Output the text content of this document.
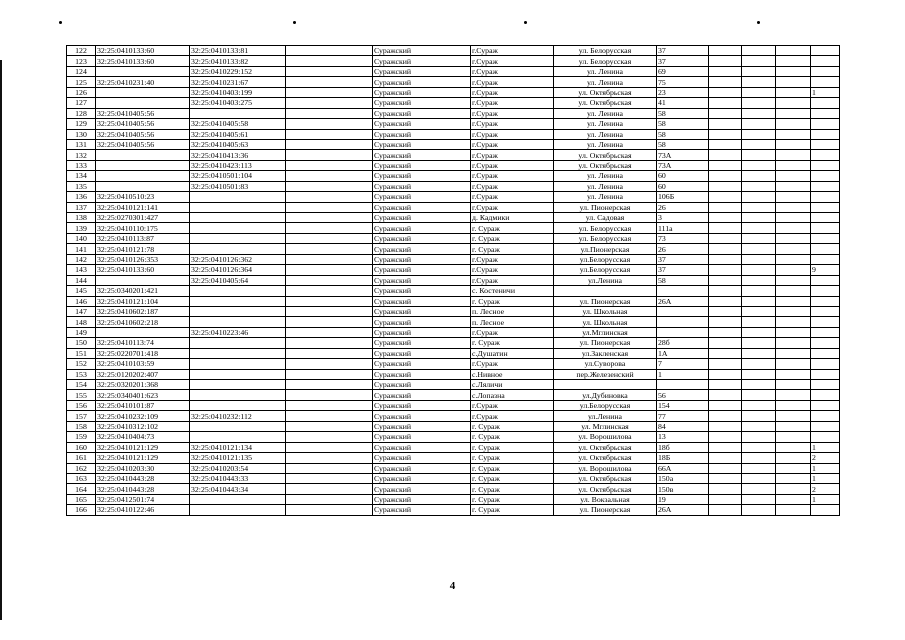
122	32:25:0410133:60	32:25:0410133:81		Суражский	г.Сураж	ул. Белорусская	37				
123	32:25:0410133:60	32:25:0410133:82		Суражский	г.Сураж	ул. Белорусская	37				
124		32:25:0410229:152		Суражский	г.Сураж	ул. Ленина	69				
125	32:25:0410231:40	32:25:0410231:67		Суражский	г.Сураж	ул. Ленина	75				
126		32:25:0410403:199		Суражский	г.Сураж	ул. Октябрьская	23				1
127		32:25:0410403:275		Суражский	г.Сураж	ул. Октябрьская	41				
128	32:25:0410405:56			Суражский	г.Сураж	ул. Ленина	58				
129	32:25:0410405:56	32:25:0410405:58		Суражский	г.Сураж	ул. Ленина	58				
130	32:25:0410405:56	32:25:0410405:61		Суражский	г.Сураж	ул. Ленина	58				
131	32:25:0410405:56	32:25:0410405:63		Суражский	г.Сураж	ул. Ленина	58				
132		32:25:0410413:36		Суражский	г.Сураж	ул. Октябрьская	73А				
133		32:25:0410423:113		Суражский	г.Сураж	ул. Октябрьская	73А				
134		32:25:0410501:104		Суражский	г.Сураж	ул. Ленина	60				
135		32:25:0410501:83		Суражский	г.Сураж	ул. Ленина	60				
136	32:25:0410510:23			Суражский	г.Сураж	ул. Ленина	106Б				
137	32:25:0410121:141			Суражский	г.Сураж	ул. Пионерская	26				
138	32:25:0270301:427			Суражский	д. Кадмики	ул. Садовая	3				
139	32:25:0410110:175			Суражский	г. Сураж	ул. Белорусская	111а				
140	32:25:0410113:87			Суражский	г. Сураж	ул. Белорусская	73				
141	32:25:0410121:78			Суражский	г. Сураж	ул.Пионерская	26				
142	32:25:0410126:353	32:25:0410126:362		Суражский	г.Сураж	ул.Белорусская	37				
143	32:25:0410133:60	32:25:0410126:364		Суражский	г.Сураж	ул.Белорусская	37				9
144		32:25:0410405:64		Суражский	г.Сураж	ул.Ленина	58				
145	32:25:0340201:421			Суражский	с. Костеничи						
146	32:25:0410121:104			Суражский	г. Сураж	ул. Пионерская	26А				
147	32:25:0410602:187			Суражский	п. Лесное	ул. Школьная					
148	32:25:0410602:218			Суражский	п. Лесное	ул. Школьная					
149		32:25:0410223:46		Суражский	г.Сураж	ул.Мглинская					
150	32:25:0410113:74			Суражский	г. Сураж	ул. Пионерская	28б				
151	32:25:0220701:418			Суражский	с.Душатин	ул.Закленская	1А				
152	32:25:0410103:59			Суражский	г.Сураж	ул.Суворова	7				
153	32:25:0120202:407			Суражский	с.Нивное	пер.Железенский	1				
154	32:25:0320201:368			Суражский	с.Ляличи						
155	32:25:0340401:623			Суражский	с.Лопазна	ул.Дубиновка	56				
156	32:25:0410101:87			Суражский	г.Сураж	ул.Белорусская	154				
157	32:25:0410232:109	32:25:0410232:112		Суражский	г.Сураж	ул.Ленина	77				
158	32:25:0410312:102			Суражский	г. Сураж	ул. Мглинская	84				
159	32:25:0410404:73			Суражский	г. Сураж	ул. Ворошилова	13				
160	32:25:0410121:129	32:25:0410121:134		Суражский	г. Сураж	ул. Октябрьская	18б				1
161	32:25:0410121:129	32:25:0410121:135		Суражский	г. Сураж	ул. Октябрьская	18Б				2
162	32:25:0410203:30	32:25:0410203:54		Суражский	г. Сураж	ул. Ворошилова	66А				1
163	32:25:0410443:28	32:25:0410443:33		Суражский	г. Сураж	ул. Октябрьская	150а				1
164	32:25:0410443:28	32:25:0410443:34		Суражский	г. Сураж	ул. Октябрьская	150в				2
165	32:25:0412501:74			Суражский	г. Сураж	ул. Вокзальная	19				1
166	32:25:0410122:46			Суражский	г. Сураж	ул. Пионерская	26А				
4
